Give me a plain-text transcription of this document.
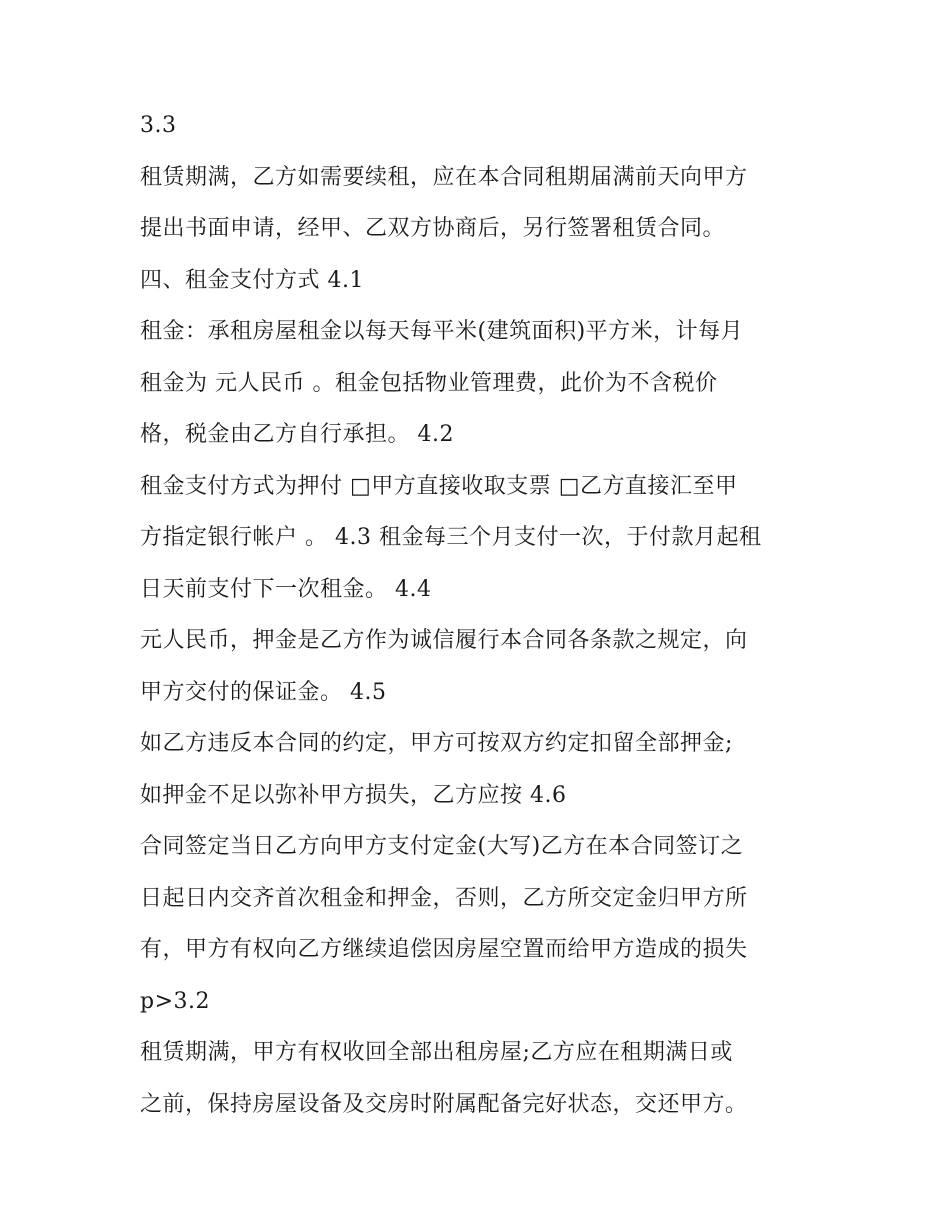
3.3
租赁期满，乙方如需要续租，应在本合同租期届满前天向甲方
提出书面申请，经甲、乙双方协商后，另行签署租赁合同。
四、租金支付方式 4.1
租金：承租房屋租金以每天每平米(建筑面积)平方米，计每月
租金为 元人民币 。租金包括物业管理费，此价为不含税价
格，税金由乙方自行承担。 4.2
租金支付方式为押付 □甲方直接收取支票 □乙方直接汇至甲
方指定银行帐户 。 4.3 租金每三个月支付一次，于付款月起租
日天前支付下一次租金。 4.4
元人民币，押金是乙方作为诚信履行本合同各条款之规定，向
甲方交付的保证金。 4.5
如乙方违反本合同的约定，甲方可按双方约定扣留全部押金;
如押金不足以弥补甲方损失，乙方应按 4.6
合同签定当日乙方向甲方支付定金(大写)乙方在本合同签订之
日起日内交齐首次租金和押金，否则，乙方所交定金归甲方所
有，甲方有权向乙方继续追偿因房屋空置而给甲方造成的损失
p>3.2
租赁期满，甲方有权收回全部出租房屋;乙方应在租期满日或
之前，保持房屋设备及交房时附属配备完好状态，交还甲方。
